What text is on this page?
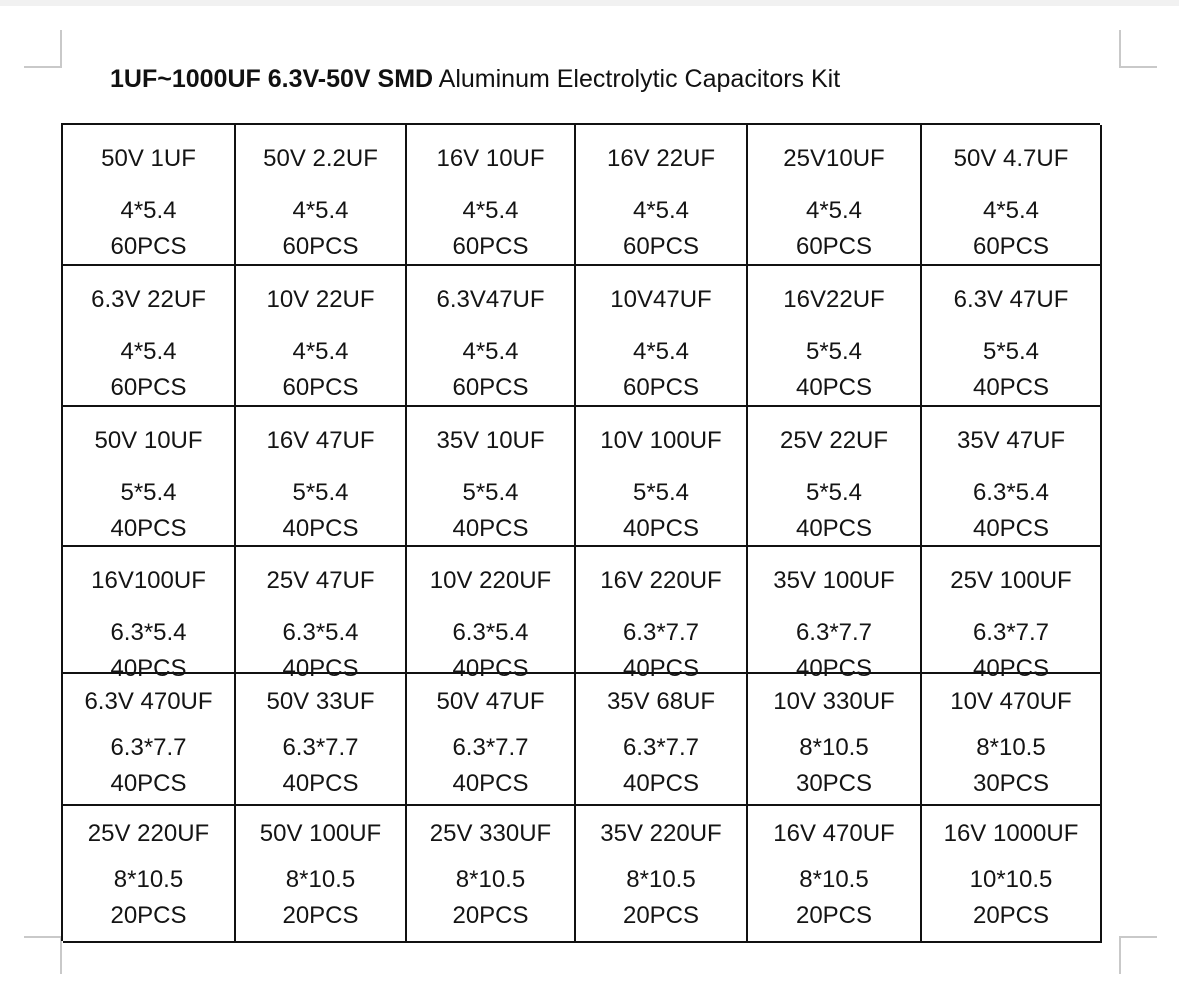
1UF~1000UF 6.3V-50V SMD Aluminum Electrolytic Capacitors Kit
50V 1UF
4*5.4
60PCS
50V 2.2UF
4*5.4
60PCS
16V 10UF
4*5.4
60PCS
16V 22UF
4*5.4
60PCS
25V10UF
4*5.4
60PCS
50V 4.7UF
4*5.4
60PCS
6.3V 22UF
4*5.4
60PCS
10V 22UF
4*5.4
60PCS
6.3V47UF
4*5.4
60PCS
10V47UF
4*5.4
60PCS
16V22UF
5*5.4
40PCS
6.3V 47UF
5*5.4
40PCS
50V 10UF
5*5.4
40PCS
16V 47UF
5*5.4
40PCS
35V 10UF
5*5.4
40PCS
10V 100UF
5*5.4
40PCS
25V 22UF
5*5.4
40PCS
35V 47UF
6.3*5.4
40PCS
16V100UF
6.3*5.4
40PCS
25V 47UF
6.3*5.4
40PCS
10V 220UF
6.3*5.4
40PCS
16V 220UF
6.3*7.7
40PCS
35V 100UF
6.3*7.7
40PCS
25V 100UF
6.3*7.7
40PCS
6.3V 470UF
6.3*7.7
40PCS
50V 33UF
6.3*7.7
40PCS
50V 47UF
6.3*7.7
40PCS
35V 68UF
6.3*7.7
40PCS
10V 330UF
8*10.5
30PCS
10V 470UF
8*10.5
30PCS
25V 220UF
8*10.5
20PCS
50V 100UF
8*10.5
20PCS
25V 330UF
8*10.5
20PCS
35V 220UF
8*10.5
20PCS
16V 470UF
8*10.5
20PCS
16V 1000UF
10*10.5
20PCS
